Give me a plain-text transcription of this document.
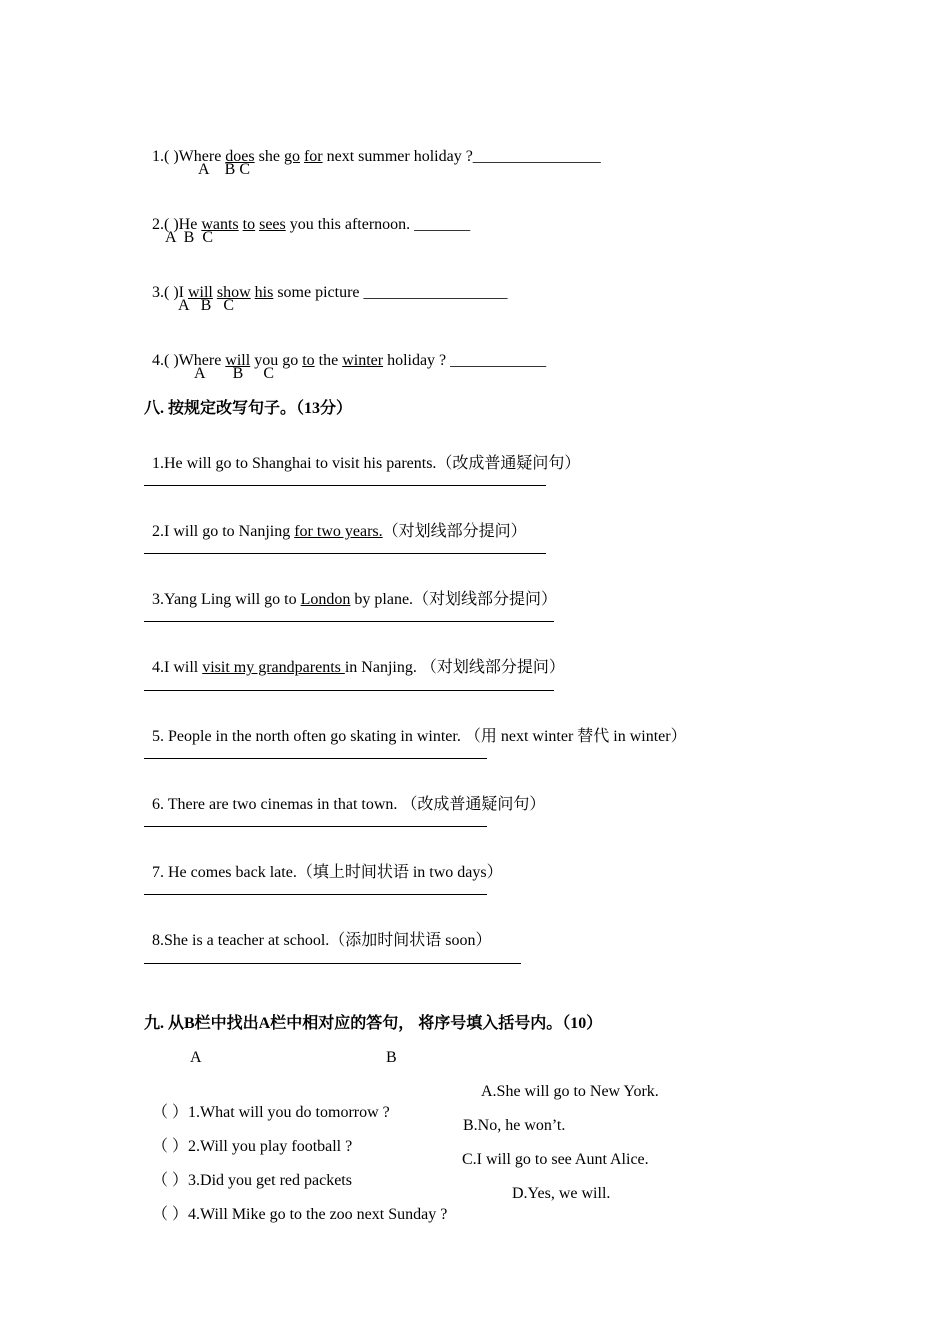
1.( )Where does she go for next summer holiday ?________________

A    B C

2.( )He wants to sees you this afternoon. _______

A  B  C

3.( )I will show his some picture __________________

A   B   C

4.( )Where will you go to the winter holiday ? ____________

A       B     C
八. 按规定改写句子。（13分）

1.He will go to Shanghai to visit his parents.（改成普通疑问句）

2.I will go to Nanjing for two years.（对划线部分提问）

3.Yang Ling will go to London by plane.（对划线部分提问）

4.I will visit my grandparents in Nanjing. （对划线部分提问）

5. People in the north often go skating in winter. （用 next winter 替代 in winter）

6. There are two cinemas in that town. （改成普通疑问句）

7. He comes back late.（填上时间状语 in two days）

8.She is a teacher at school.（添加时间状语 soon）

九. 从B栏中找出A栏中相对应的答句， 将序号填入括号内。（10）
A	B

（ ）1.What will you do tomorrow ?

A.She will go to New York.

（ ）2.Will you play football ?

B.No, he won’t.

（ ）3.Did you get red packets

C.I will go to see Aunt Alice.

（ ）4.Will Mike go to the zoo next Sunday ?

D.Yes, we will.
